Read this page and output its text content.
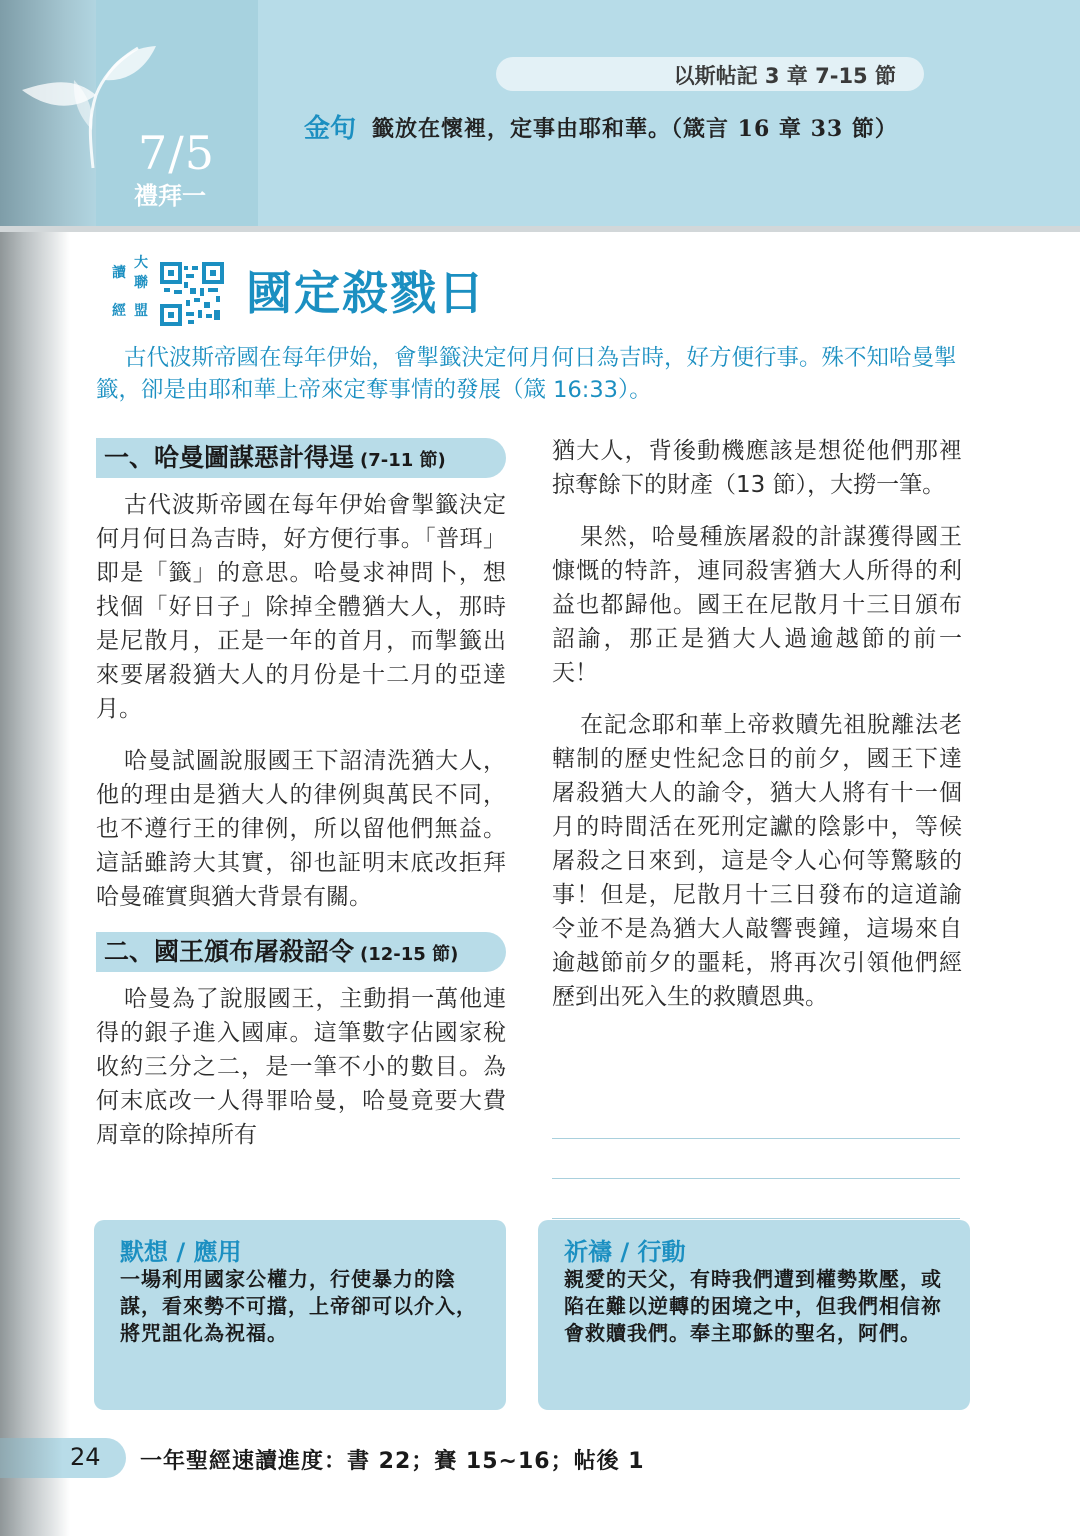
7/5
禮拜一
以斯帖記 3 章 7-15 節
金句 籤放在懷裡，定事由耶和華。（箴言 16 章 33 節）
讀
大
聯
經 盟 國定殺戮日
古代波斯帝國在每年伊始，會掣籤決定何月何日為吉時，好方便行事。殊不知哈曼掣籤，卻是由耶和華上帝來定奪事情的發展（箴 16:33）。
一、哈曼圖謀惡計得逞 (7-11 節)

古代波斯帝國在每年伊始會掣籤決定何月何日為吉時，好方便行事。「普珥」即是「籤」的意思。哈曼求神問卜，想找個「好日子」除掉全體猶大人，那時是尼散月，正是一年的首月，而掣籤出來要屠殺猶大人的月份是十二月的亞達月。

哈曼試圖說服國王下詔清洗猶大人，他的理由是猶大人的律例與萬民不同，也不遵行王的律例，所以留他們無益。這話雖誇大其實，卻也証明末底改拒拜哈曼確實與猶大背景有關。

二、國王頒布屠殺詔令 (12-15 節)

哈曼為了說服國王，主動捐一萬他連得的銀子進入國庫。這筆數字佔國家稅收約三分之二，是一筆不小的數目。為何末底改一人得罪哈曼，哈曼竟要大費周章的除掉所有

猶大人，背後動機應該是想從他們那裡掠奪餘下的財產（13 節），大撈一筆。

果然，哈曼種族屠殺的計謀獲得國王慷慨的特許，連同殺害猶大人所得的利益也都歸他。國王在尼散月十三日頒布詔諭，那正是猶大人過逾越節的前一天！

在記念耶和華上帝救贖先祖脫離法老轄制的歷史性紀念日的前夕，國王下達屠殺猶大人的諭令，猶大人將有十一個月的時間活在死刑定讞的陰影中，等候屠殺之日來到，這是令人心何等驚駭的事！但是，尼散月十三日發布的這道諭令並不是為猶大人敲響喪鐘，這場來自逾越節前夕的噩耗，將再次引領他們經歷到出死入生的救贖恩典。

默想 / 應用
一場利用國家公權力，行使暴力的陰謀，看來勢不可擋，上帝卻可以介入，將咒詛化為祝福。
祈禱 / 行動
親愛的天父，有時我們遭到權勢欺壓，或陷在難以逆轉的困境之中，但我們相信祢會救贖我們。奉主耶穌的聖名，阿們。
24 一年聖經速讀進度：書 22；賽 15~16；帖後 1
